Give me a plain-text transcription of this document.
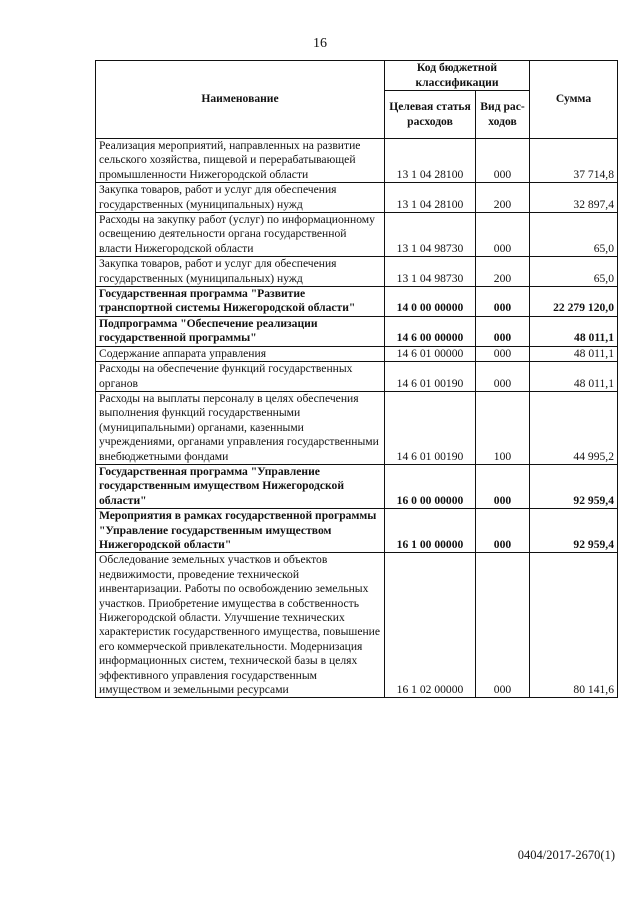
16
Наименование	Код бюджетной классификации		Сумма
	Целевая статья расходов	Вид рас-ходов	
Реализация мероприятий, направленных на развитие сельского хозяйства, пищевой и перерабатывающей промышленности Нижегородской области	13 1 04 28100	000	37 714,8
Закупка товаров, работ и услуг для обеспечения государственных (муниципальных) нужд	13 1 04 28100	200	32 897,4
Расходы на закупку работ (услуг) по информационному освещению деятельности органа государственной власти Нижегородской области	13 1 04 98730	000	65,0
Закупка товаров, работ и услуг для обеспечения государственных (муниципальных) нужд	13 1 04 98730	200	65,0
Государственная программа "Развитие транспортной системы Нижегородской области"	14 0 00 00000	000	22 279 120,0
Подпрограмма "Обеспечение реализации государственной программы"	14 6 00 00000	000	48 011,1
Содержание аппарата управления	14 6 01 00000	000	48 011,1
Расходы на обеспечение функций государственных органов	14 6 01 00190	000	48 011,1
Расходы на выплаты персоналу в целях обеспечения выполнения функций государственными (муниципальными) органами, казенными учреждениями, органами управления государственными внебюджетными фондами	14 6 01 00190	100	44 995,2
Государственная программа "Управление государственным имуществом Нижегородской области"	16 0 00 00000	000	92 959,4
Мероприятия в рамках государственной программы "Управление государственным имуществом Нижегородской области"	16 1 00 00000	000	92 959,4
Обследование земельных участков и объектов недвижимости, проведение технической инвентаризации. Работы по освобождению земельных участков. Приобретение имущества в собственность Нижегородской области. Улучшение технических характеристик государственного имущества, повышение его коммерческой привлекательности. Модернизация информационных систем, технической базы в целях эффективного управления государственным имуществом и земельными ресурсами	16 1 02 00000	000	80 141,6
0404/2017-2670(1)
